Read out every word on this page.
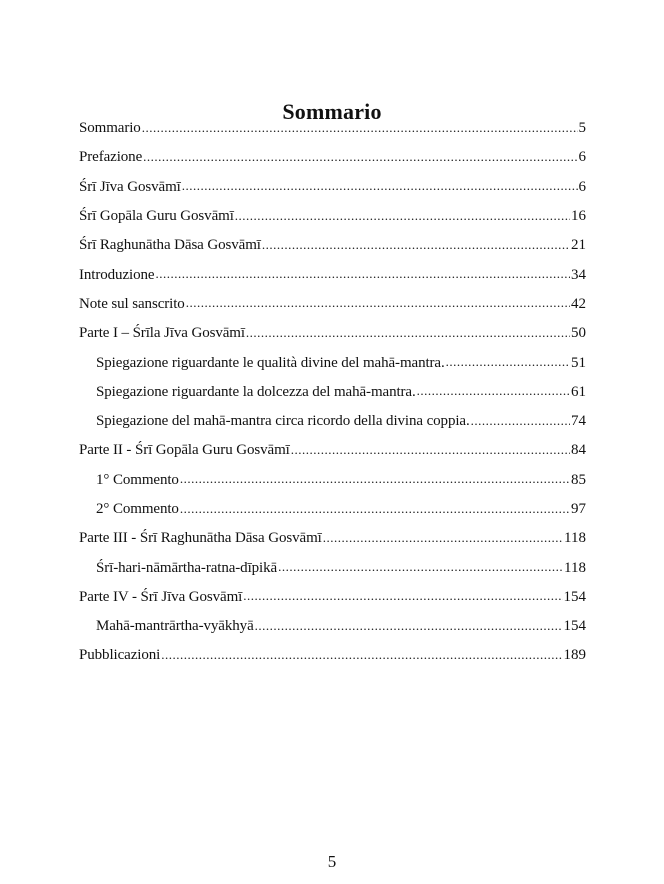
Sommario
Sommario .....	5
Prefazione .....	6
Śrī Jīva Gosvāmī .....	6
Śrī Gopāla Guru Gosvāmī .....	16
Śrī Raghunātha Dāsa Gosvāmī .....	21
Introduzione .....	34
Note sul sanscrito .....	42
Parte I – Śrīla Jīva Gosvāmī .....	50
Spiegazione riguardante le qualità divine del mahā-mantra. .....	51
Spiegazione riguardante la dolcezza del mahā-mantra. .....	61
Spiegazione del mahā-mantra circa ricordo della divina coppia. .....	74
Parte II - Śrī Gopāla Guru Gosvāmī .....	84
1° Commento .....	85
2° Commento .....	97
Parte III - Śrī Raghunātha Dāsa Gosvāmī .....	118
Śrī-hari-nāmārtha-ratna-dīpikā .....	118
Parte IV - Śrī Jīva Gosvāmī .....	154
Mahā-mantrārtha-vyākhyā .....	154
Pubblicazioni .....	189
5
